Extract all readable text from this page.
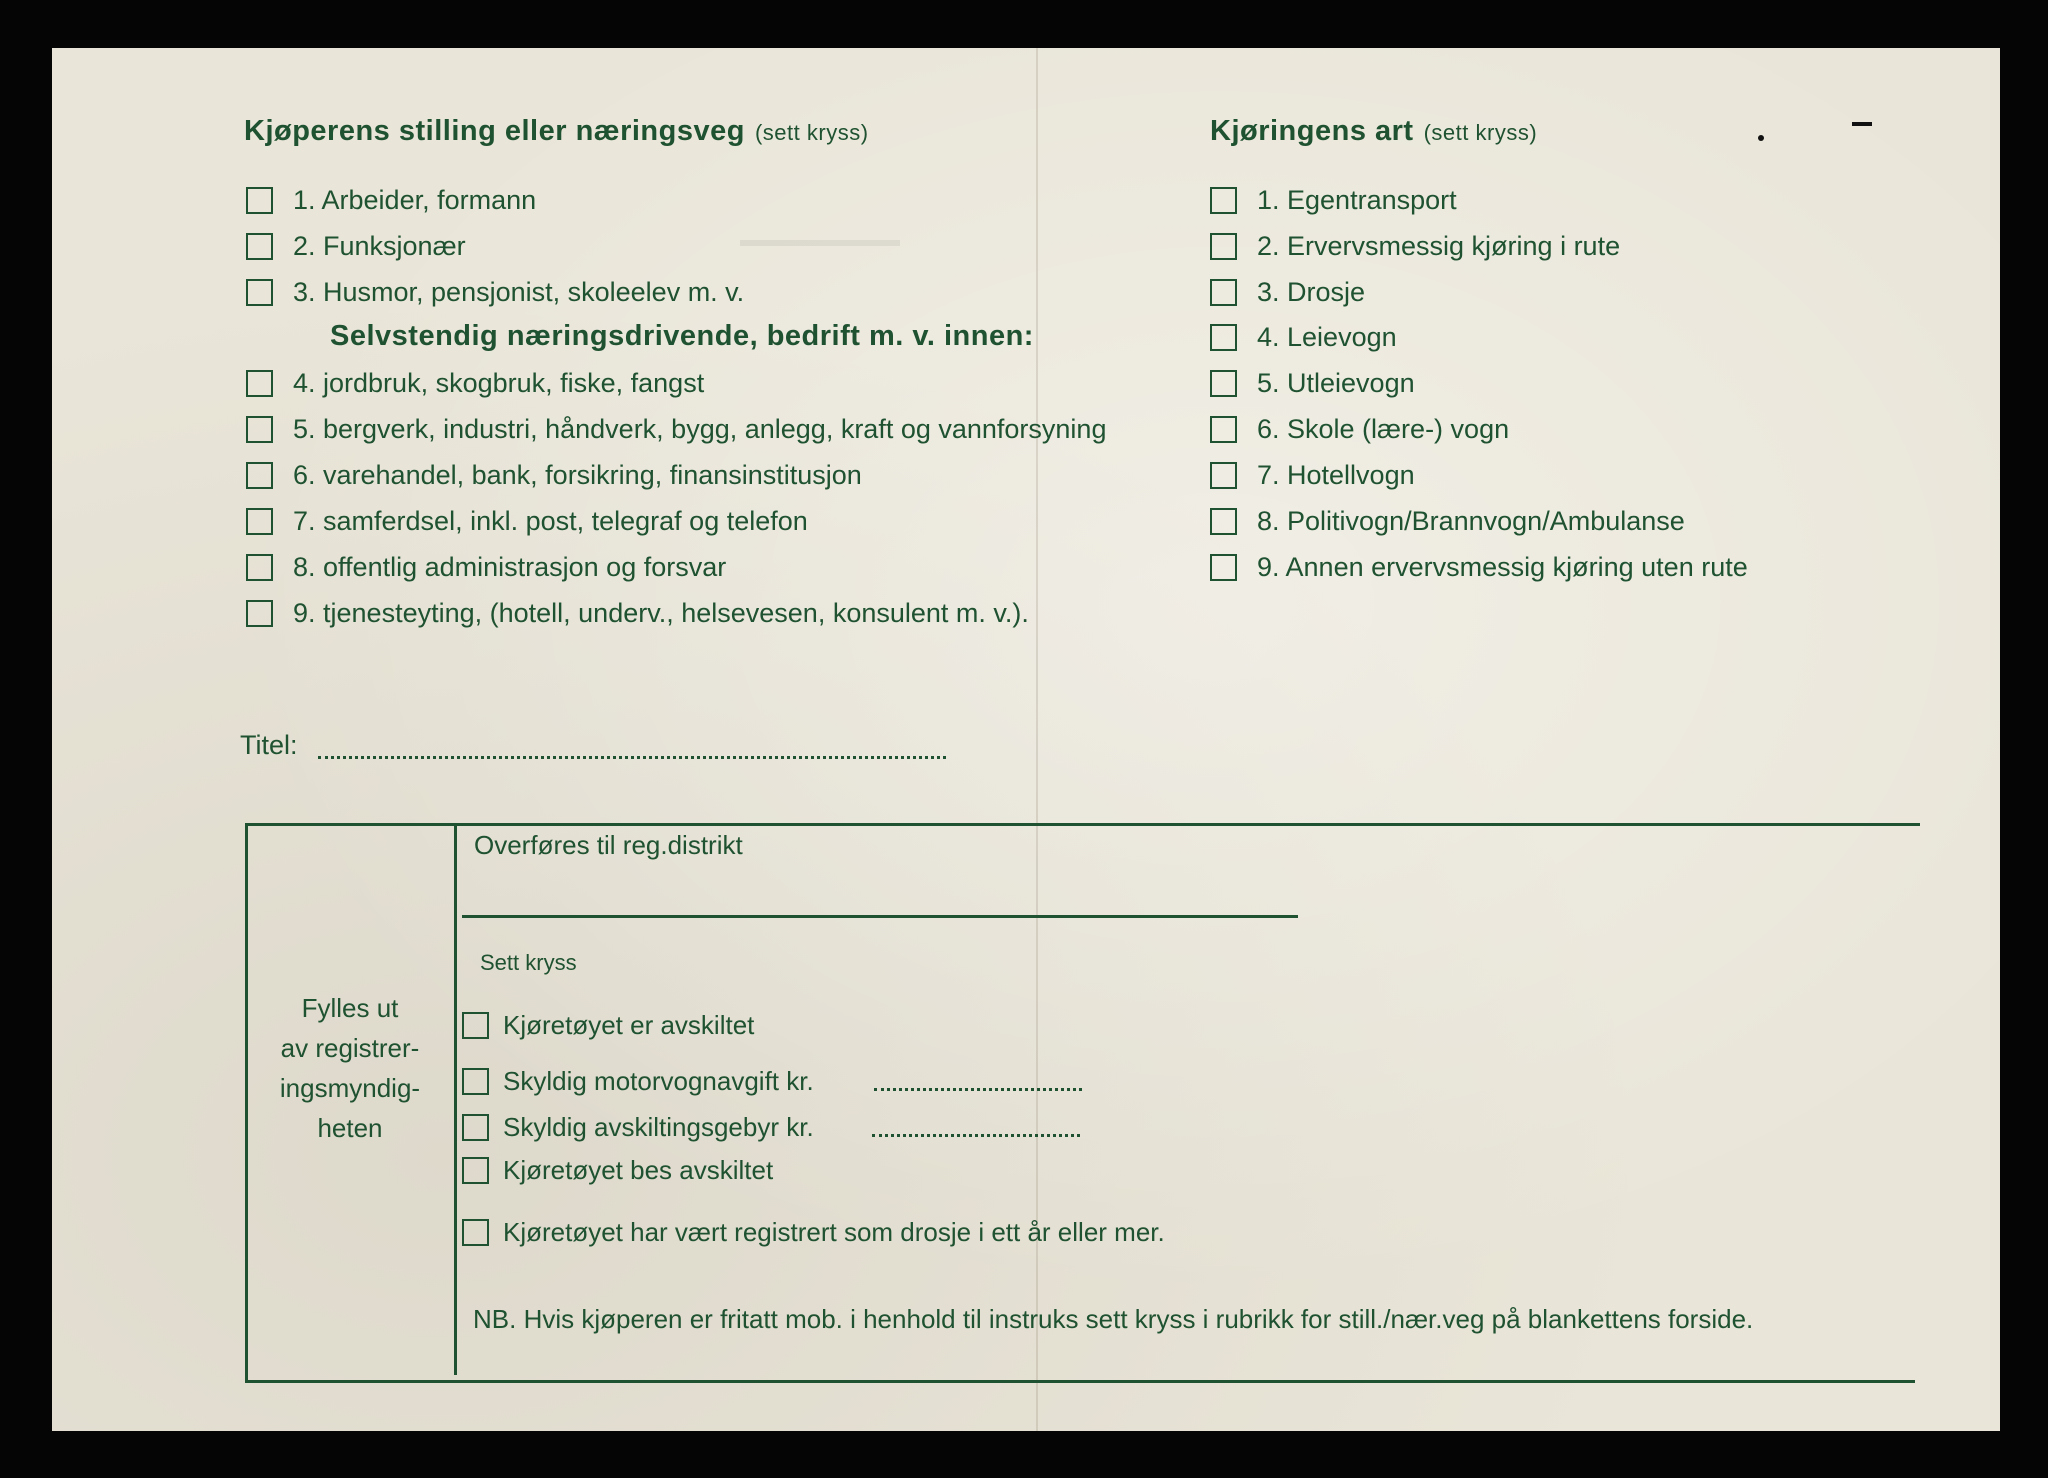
Kjøperens stilling eller næringsveg (sett kryss)
1. Arbeider, formann
2. Funksjonær
3. Husmor, pensjonist, skoleelev m. v.
Selvstendig næringsdrivende, bedrift m. v. innen:
4. jordbruk, skogbruk, fiske, fangst
5. bergverk, industri, håndverk, bygg, anlegg, kraft og vannforsyning
6. varehandel, bank, forsikring, finansinstitusjon
7. samferdsel, inkl. post, telegraf og telefon
8. offentlig administrasjon og forsvar
9. tjenesteyting, (hotell, underv., helsevesen, konsulent m. v.).
Kjøringens art (sett kryss)
1. Egentransport
2. Ervervsmessig kjøring i rute
3. Drosje
4. Leievogn
5. Utleievogn
6. Skole (lære-) vogn
7. Hotellvogn
8. Politivogn/Brannvogn/Ambulanse
9. Annen ervervsmessig kjøring uten rute
Titel:
Fylles ut
av registrer-
ingsmyndig-
heten
Overføres til reg.distrikt
Sett kryss
Kjøretøyet er avskiltet
Skyldig motorvognavgift kr.
Skyldig avskiltingsgebyr kr.
Kjøretøyet bes avskiltet
Kjøretøyet har vært registrert som drosje i ett år eller mer.
NB. Hvis kjøperen er fritatt mob. i henhold til instruks sett kryss i rubrikk for still./nær.veg på blankettens forside.
